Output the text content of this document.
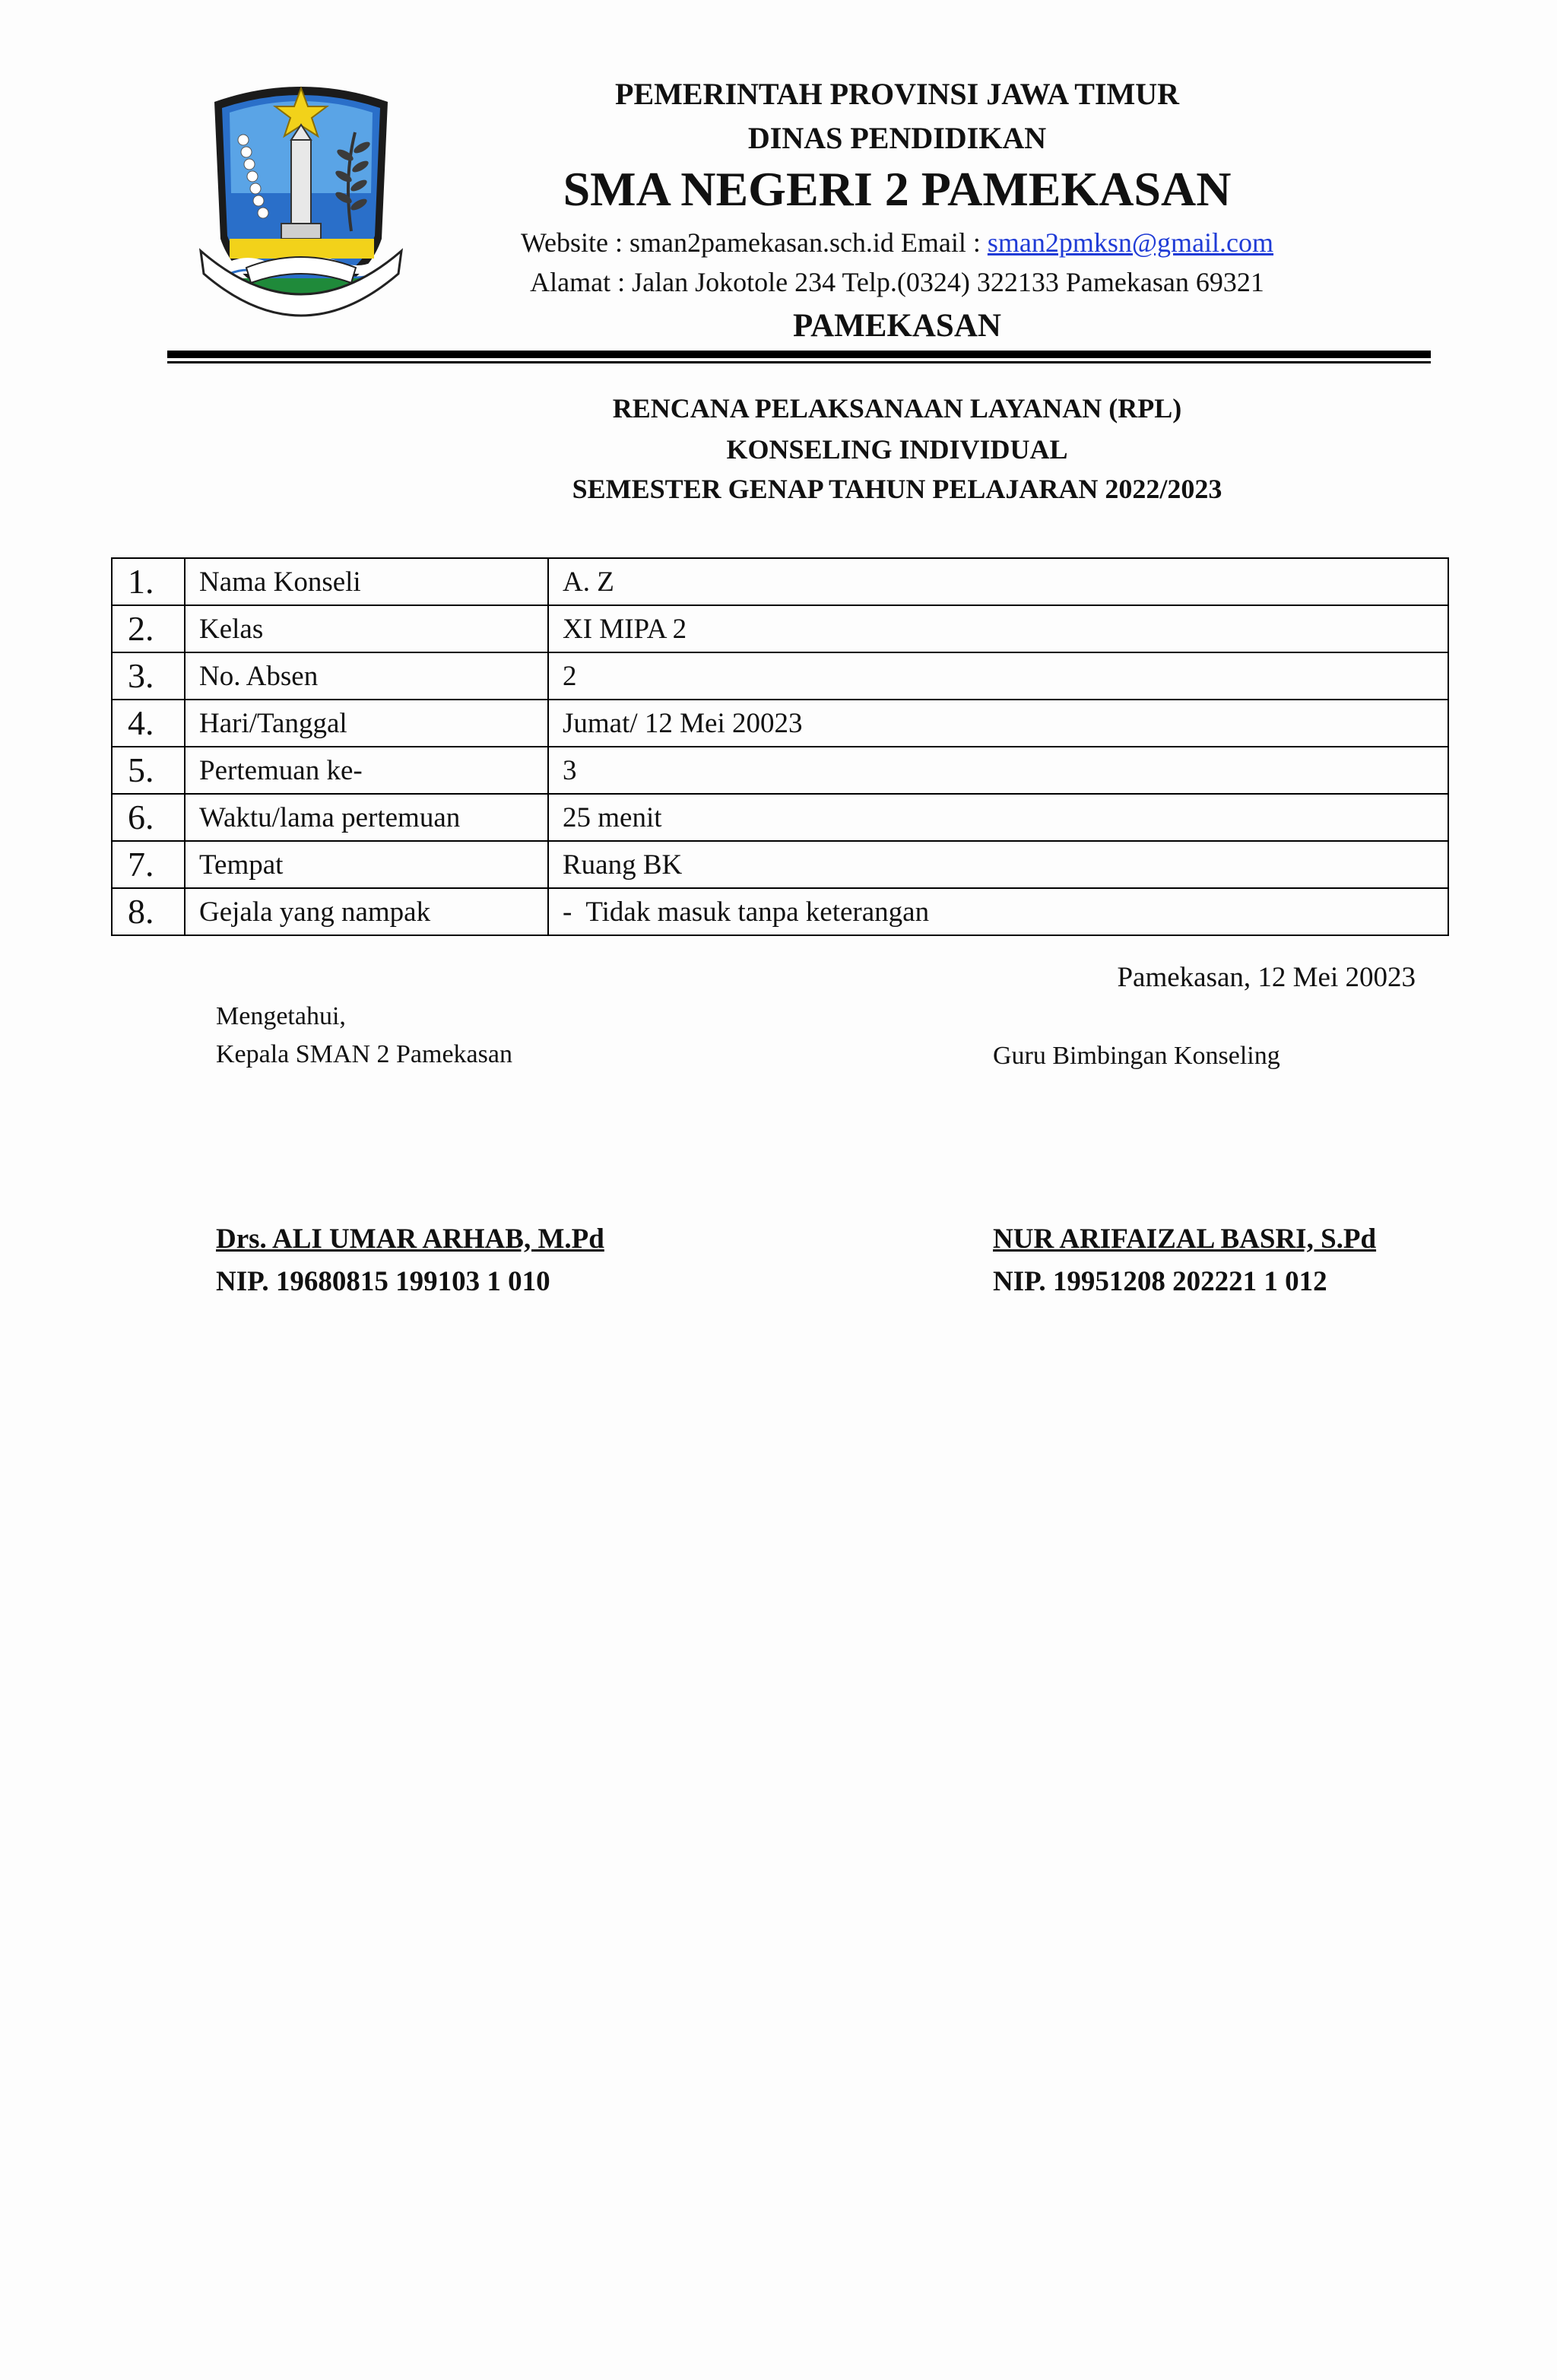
PEMERINTAH PROVINSI JAWA TIMUR
DINAS PENDIDIKAN
SMA NEGERI 2 PAMEKASAN
Website : sman2pamekasan.sch.id Email : sman2pmksn@gmail.com
Alamat : Jalan Jokotole 234 Telp.(0324) 322133 Pamekasan 69321
PAMEKASAN
RENCANA PELAKSANAAN LAYANAN (RPL)
KONSELING INDIVIDUAL
SEMESTER GENAP TAHUN PELAJARAN 2022/2023
1.	Nama Konseli	A. Z
2.	Kelas	XI MIPA 2
3.	No. Absen	2
4.	Hari/Tanggal	Jumat/ 12 Mei 20023
5.	Pertemuan ke-	3
6.	Waktu/lama pertemuan	25 menit
7.	Tempat	Ruang BK
8.	Gejala yang nampak	- Tidak masuk tanpa keterangan
Pamekasan, 12 Mei 20023
Mengetahui,
Kepala SMAN 2 Pamekasan	Guru Bimbingan Konseling
Drs. ALI UMAR ARHAB, M.Pd
NIP. 19680815 199103 1 010
NUR ARIFAIZAL BASRI, S.Pd
NIP. 19951208 202221 1 012
